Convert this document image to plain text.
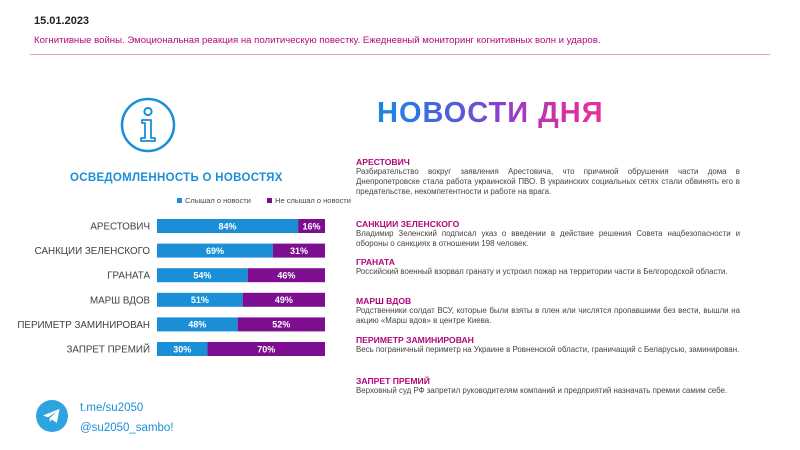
15.01.2023
Когнитивные войны. Эмоциональная реакция на политическую повестку. Ежедневный мониторинг когнитивных волн и ударов.
ОСВЕДОМЛЕННОСТЬ О НОВОСТЯХ
Слышал о новости	Не слышал о новости
АРЕСТОВИЧ	84%	16%
САНКЦИИ ЗЕЛЕНСКОГО	69%	31%
ГРАНАТА	54%	46%
МАРШ ВДОВ	51%	49%
ПЕРИМЕТР ЗАМИНИРОВАН	48%	52%
ЗАПРЕТ ПРЕМИЙ	30%	70%
НОВОСТИ ДНЯ
АРЕСТОВИЧ

Разбирательство вокруг заявления Арестовича, что причиной обрушения части дома в Днепропетровске стала работа украинской ПВО. В украинских социальных сетях стали обвинять его в предательстве, некомпетентности и работе на врага.

САНКЦИИ ЗЕЛЕНСКОГО

Владимир Зеленский подписал указ о введении в действие решения Совета нацбезопасности и обороны о санкциях в отношении 198 человек.

ГРАНАТА

Российский военный взорвал гранату и устроил пожар на территории части в Белгородской области.

МАРШ ВДОВ

Родственники солдат ВСУ, которые были взяты в плен или числятся пропавшими без вести, вышли на акцию «Марш вдов» в центре Киева.

ПЕРИМЕТР ЗАМИНИРОВАН

Весь пограничный периметр на Украине в Ровненской области, граничащий с Беларусью, заминирован.

ЗАПРЕТ ПРЕМИЙ

Верховный суд РФ запретил руководителям компаний и предприятий назначать премии самим себе.

t.me/su2050
@su2050_sambo!
